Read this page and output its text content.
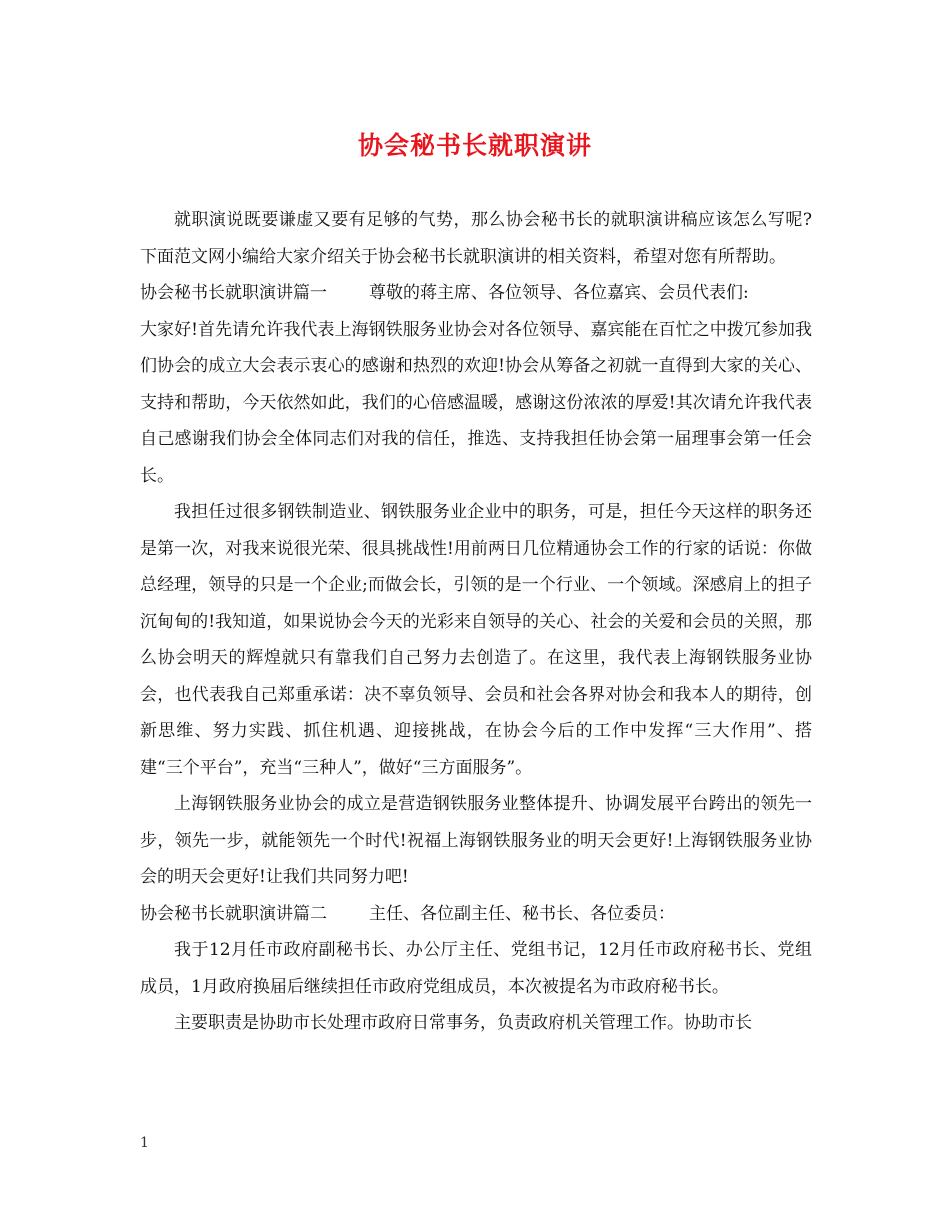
协会秘书长就职演讲

就职演说既要谦虚又要有足够的气势，那么协会秘书长的就职演讲稿应该怎么写呢?下面范文网小编给大家介绍关于协会秘书长就职演讲的相关资料，希望对您有所帮助。

协会秘书长就职演讲篇一 尊敬的蒋主席、各位领导、各位嘉宾、会员代表们:

大家好!首先请允许我代表上海钢铁服务业协会对各位领导、嘉宾能在百忙之中拨冗参加我们协会的成立大会表示衷心的感谢和热烈的欢迎!协会从筹备之初就一直得到大家的关心、支持和帮助，今天依然如此，我们的心倍感温暖，感谢这份浓浓的厚爱!其次请允许我代表自己感谢我们协会全体同志们对我的信任，推选、支持我担任协会第一届理事会第一任会长。

我担任过很多钢铁制造业、钢铁服务业企业中的职务，可是，担任今天这样的职务还是第一次，对我来说很光荣、很具挑战性!用前两日几位精通协会工作的行家的话说：你做总经理，领导的只是一个企业;而做会长，引领的是一个行业、一个领域。深感肩上的担子沉甸甸的!我知道，如果说协会今天的光彩来自领导的关心、社会的关爱和会员的关照，那么协会明天的辉煌就只有靠我们自己努力去创造了。在这里，我代表上海钢铁服务业协会，也代表我自己郑重承诺：决不辜负领导、会员和社会各界对协会和我本人的期待，创新思维、努力实践、抓住机遇、迎接挑战，在协会今后的工作中发挥“三大作用”、搭建“三个平台”，充当“三种人”，做好“三方面服务”。

上海钢铁服务业协会的成立是营造钢铁服务业整体提升、协调发展平台跨出的领先一步，领先一步，就能领先一个时代!祝福上海钢铁服务业的明天会更好!上海钢铁服务业协会的明天会更好!让我们共同努力吧!

协会秘书长就职演讲篇二 主任、各位副主任、秘书长、各位委员：

我于12月任市政府副秘书长、办公厅主任、党组书记，12月任市政府秘书长、党组成员，1月政府换届后继续担任市政府党组成员，本次被提名为市政府秘书长。

主要职责是协助市长处理市政府日常事务，负责政府机关管理工作。协助市长

1
